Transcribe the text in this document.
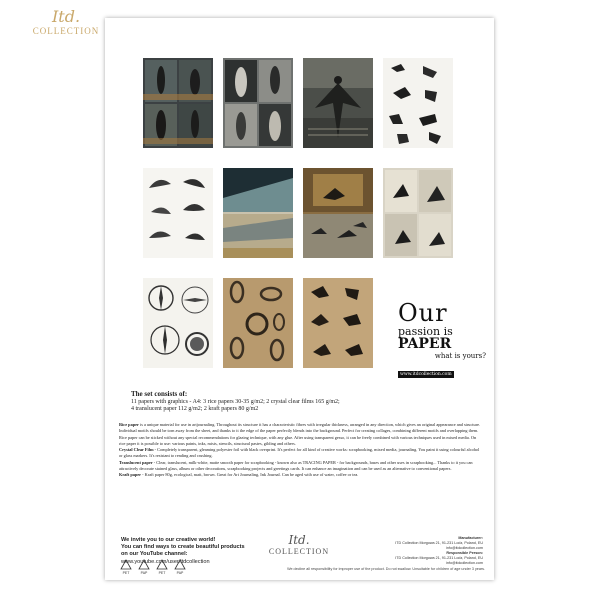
Itd.
COLLECTION
Our
passion is PAPER
what is yours?
www.itdcollection.com
The set consists of:
11 papers with graphics - A4: 3 rice papers 30-35 g/m2; 2 crystal clear films 165 g/m2;
4 translucent paper 112 g/m2; 2 kraft papers 80 g/m2

Rice paper is a unique material for use in artjournaling. Throughout its structure it has a characteristic fibres with irregular thickness, arranged in any direction, which gives an original appearance and structure. Individual motifs should be torn away from the sheet, and thanks to it the edge of the paper perfectly blends into the background. Perfect for creating collages, combining different motifs and overlapping them. Rice paper can be sticked without any special recommendations for glazing technique, with any glue. After using transparent gesso, it can be freely combined with various techniques used in mixed media. On rice paper it is possible to use: various paints, inks, mists, stencils, structural pastes, gilding and others.

Crystal Clear Film - Completely transparent, gleaming polyester foil with black overprint. It's perfect for all kind of creative works: scrapbooking, mixed media, journaling. You paint it using colourful alcohol or glass markers. It's resistant to rending and crushing.

Translucent paper - Clear, translucent, milk-white, matte smooth paper for scrapbooking - known also as TRACING PAPER - for backgrounds, bases and other uses in scrapbooking... Thanks to it you can attractively decorate stained glass, album or other decorations, scrapbooking projects and greetings cards. It can enhance an imagination and can be used as an alternative to conventional papers.

Kraft paper - Kraft paper 80g, ecological, matt, brown. Great for Art Journaling, Ink Journal. Can be aged with use of water, coffee or tea.

We invite you to our creative world!
You can find ways to create beautiful products
on our YouTube channel:
www.youtube.com/user/itdcollection
Itd.
COLLECTION
Manufacturer:
ITD Collection Morgowa 21, 91-231 Lodz, Poland, EU
info@itdcollection.com
Responsible Person:
ITD Collection Morgowa 21, 91-231 Lodz, Poland, EU
info@itdcollection.com
PET	PAP	PET	PAP
We decline all responsibility for improper use of the product. Do not swallow. Unsuitable for children of age under 3 years.
